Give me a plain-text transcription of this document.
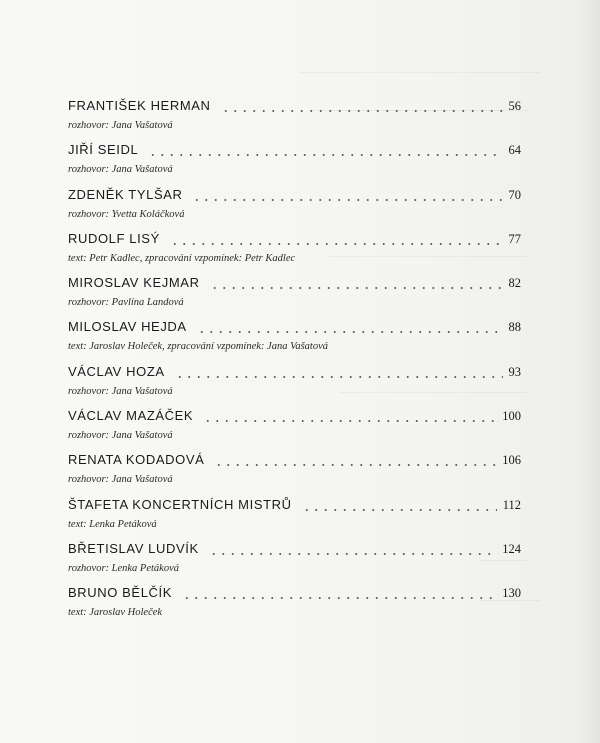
FRANTIŠEK HERMAN	56
rozhovor: Jana Vašatová
JIŘÍ SEIDL	64
rozhovor: Jana Vašatová
ZDENĚK TYLŠAR	70
rozhovor: Yvetta Koláčková
RUDOLF LISÝ	77
text: Petr Kadlec, zpracování vzpomínek: Petr Kadlec
MIROSLAV KEJMAR	82
rozhovor: Pavlína Landová
MILOSLAV HEJDA	88
text: Jaroslav Holeček, zpracování vzpomínek: Jana Vašatová
VÁCLAV HOZA	93
rozhovor: Jana Vašatová
VÁCLAV MAZÁČEK	100
rozhovor: Jana Vašatová
RENATA KODADOVÁ	106
rozhovor: Jana Vašatová
ŠTAFETA KONCERTNÍCH MISTRŮ	112
text: Lenka Petáková
BŘETISLAV LUDVÍK	124
rozhovor: Lenka Petáková
BRUNO BĚLČÍK	130
text: Jaroslav Holeček
